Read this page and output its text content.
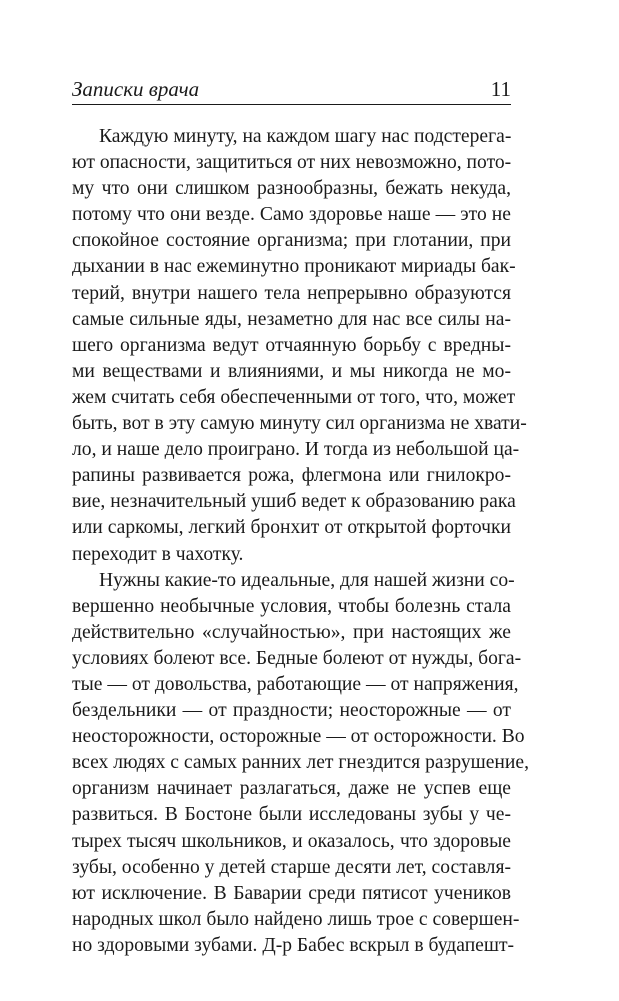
Записки врача	11
Каждую минуту, на каждом шагу нас подстерега-
ют опасности, защититься от них невозможно, пото-
му что они слишком разнообразны, бежать некуда,
потому что они везде. Само здоровье наше — это не
спокойное состояние организма; при глотании, при
дыхании в нас ежеминутно проникают мириады бак-
терий, внутри нашего тела непрерывно образуются
самые сильные яды, незаметно для нас все силы на-
шего организма ведут отчаянную борьбу с вредны-
ми веществами и влияниями, и мы никогда не мо-
жем считать себя обеспеченными от того, что, может
быть, вот в эту самую минуту сил организма не хвати-
ло, и наше дело проиграно. И тогда из небольшой ца-
рапины развивается рожа, флегмона или гнилокро-
вие, незначительный ушиб ведет к образованию рака
или саркомы, легкий бронхит от открытой форточки
переходит в чахотку.
Нужны какие-то идеальные, для нашей жизни со-
вершенно необычные условия, чтобы болезнь стала
действительно «случайностью», при настоящих же
условиях болеют все. Бедные болеют от нужды, бога-
тые — от довольства, работающие — от напряжения,
бездельники — от праздности; неосторожные — от
неосторожности, осторожные — от осторожности. Во
всех людях с самых ранних лет гнездится разрушение,
организм начинает разлагаться, даже не успев еще
развиться. В Бостоне были исследованы зубы у че-
тырех тысяч школьников, и оказалось, что здоровые
зубы, особенно у детей старше десяти лет, составля-
ют исключение. В Баварии среди пятисот учеников
народных школ было найдено лишь трое с совершен-
но здоровыми зубами. Д-р Бабес вскрыл в будапешт-
